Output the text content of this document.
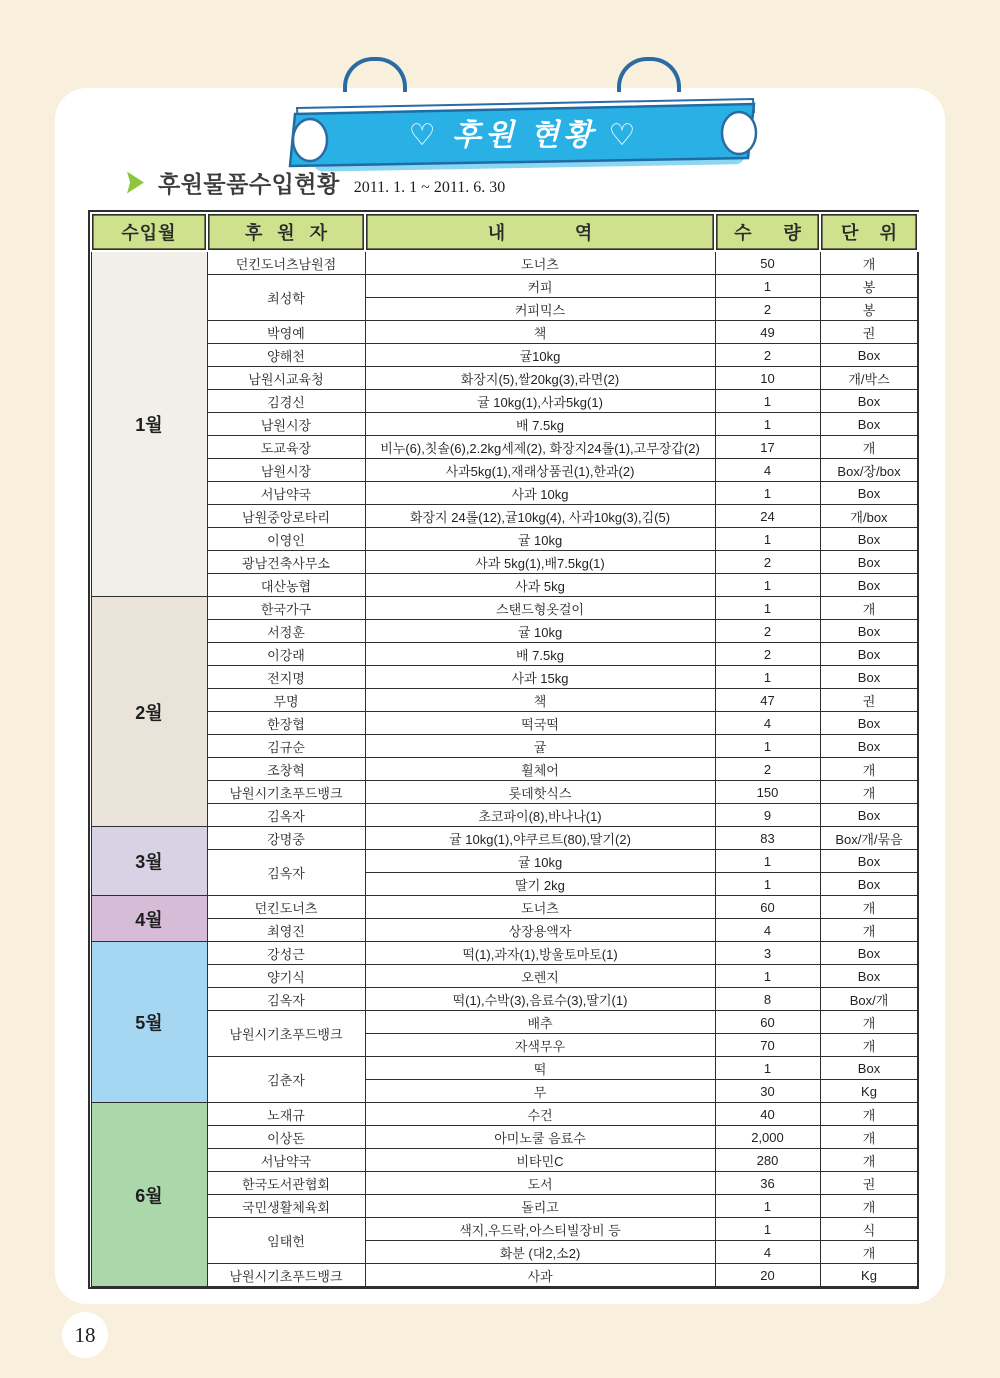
♡ 후원 현황 ♡
후원물품수입현황 2011. 1. 1 ~ 2011. 6. 30
수입월	후 원 자	내 역	수 량	단 위
1월	던킨도너츠남원점	도너츠	50	개
	최성학	커피	1	봉
		커피믹스	2	봉
	박영예	책	49	권
	양해천	귤10kg	2	Box
	남원시교육청	화장지(5),쌀20kg(3),라면(2)	10	개/박스
	김경신	귤 10kg(1),사과5kg(1)	1	Box
	남원시장	배 7.5kg	1	Box
	도교육장	비누(6),칫솔(6),2.2kg세제(2), 화장지24롤(1),고무장갑(2)	17	개
	남원시장	사과5kg(1),재래상품권(1),한과(2)	4	Box/장/box
	서남약국	사과 10kg	1	Box
	남원중앙로타리	화장지 24롤(12),귤10kg(4), 사과10kg(3),김(5)	24	개/box
	이영인	귤 10kg	1	Box
	광남건축사무소	사과 5kg(1),배7.5kg(1)	2	Box
	대산농협	사과 5kg	1	Box
2월	한국가구	스탠드형옷걸이	1	개
	서정훈	귤 10kg	2	Box
	이강래	배 7.5kg	2	Box
	전지명	사과 15kg	1	Box
	무명	책	47	권
	한장협	떡국떡	4	Box
	김규순	귤	1	Box
	조창혁	휠체어	2	개
	남원시기초푸드뱅크	롯데핫식스	150	개
	김옥자	초코파이(8),바나나(1)	9	Box
3월	강명중	귤 10kg(1),야쿠르트(80),딸기(2)	83	Box/개/묶음
	김옥자	귤 10kg	1	Box
		딸기 2kg	1	Box
4월	던킨도너츠	도너츠	60	개
	최영진	상장용액자	4	개
5월	강성근	떡(1),과자(1),방울토마토(1)	3	Box
	양기식	오렌지	1	Box
	김옥자	떡(1),수박(3),음료수(3),딸기(1)	8	Box/개
	남원시기초푸드뱅크	배추	60	개
		자색무우	70	개
	김춘자	떡	1	Box
		무	30	Kg
6월	노재규	수건	40	개
	이상돈	아미노쿨 음료수	2,000	개
	서남약국	비타민C	280	개
	한국도서관협회	도서	36	권
	국민생활체육회	돌리고	1	개
	임태헌	색지,우드락,아스티빌장비 등	1	식
		화분 (대2,소2)	4	개
	남원시기초푸드뱅크	사과	20	Kg
18
